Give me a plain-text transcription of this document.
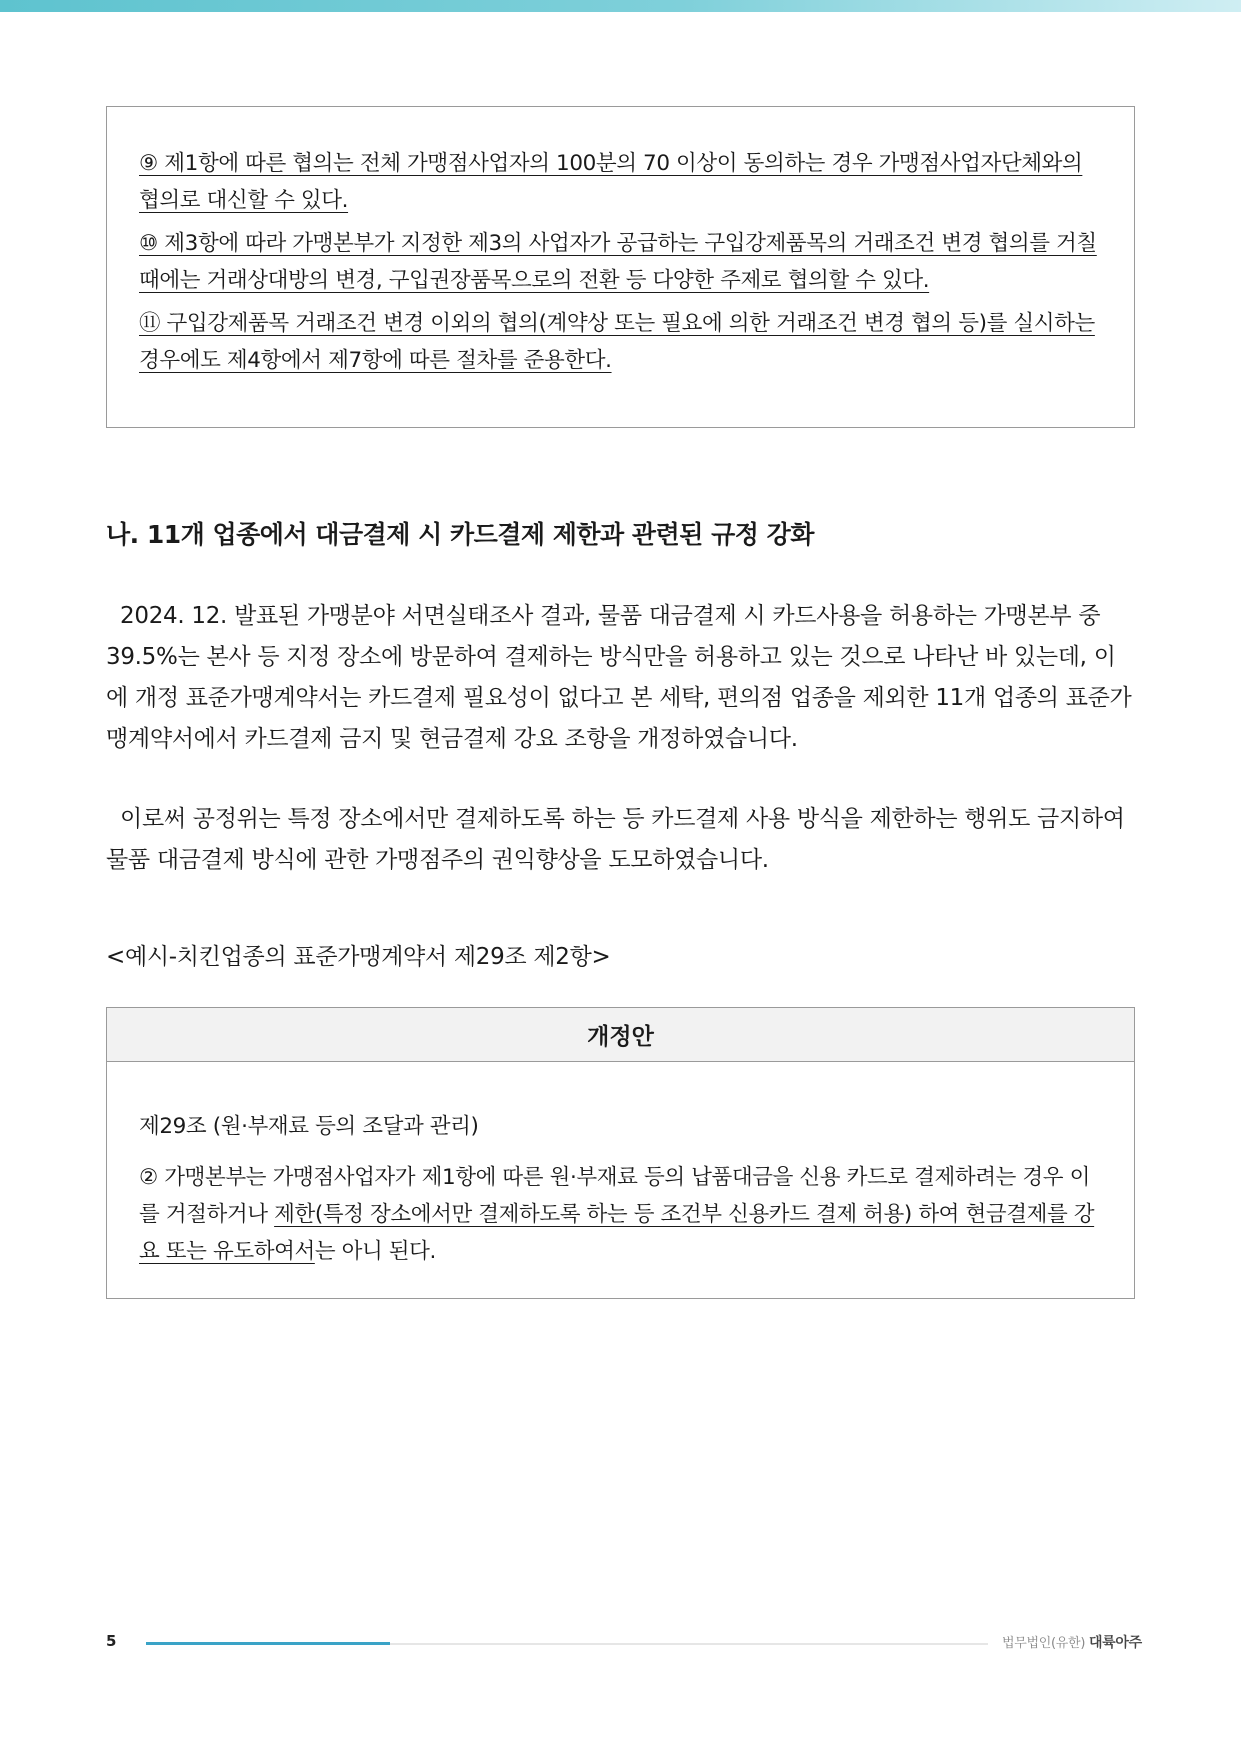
⑨ 제1항에 따른 협의는 전체 가맹점사업자의 100분의 70 이상이 동의하는 경우 가맹점사업자단체와의 협의로 대신할 수 있다.

⑩ 제3항에 따라 가맹본부가 지정한 제3의 사업자가 공급하는 구입강제품목의 거래조건 변경 협의를 거칠 때에는 거래상대방의 변경, 구입권장품목으로의 전환 등 다양한 주제로 협의할 수 있다.

⑪ 구입강제품목 거래조건 변경 이외의 협의(계약상 또는 필요에 의한 거래조건 변경 협의 등)를 실시하는 경우에도 제4항에서 제7항에 따른 절차를 준용한다.

나. 11개 업종에서 대금결제 시 카드결제 제한과 관련된 규정 강화

2024. 12. 발표된 가맹분야 서면실태조사 결과, 물품 대금결제 시 카드사용을 허용하는 가맹본부 중 39.5%는 본사 등 지정 장소에 방문하여 결제하는 방식만을 허용하고 있는 것으로 나타난 바 있는데, 이에 개정 표준가맹계약서는 카드결제 필요성이 없다고 본 세탁, 편의점 업종을 제외한 11개 업종의 표준가맹계약서에서 카드결제 금지 및 현금결제 강요 조항을 개정하였습니다.

이로써 공정위는 특정 장소에서만 결제하도록 하는 등 카드결제 사용 방식을 제한하는 행위도 금지하여 물품 대금결제 방식에 관한 가맹점주의 권익향상을 도모하였습니다.

<예시-치킨업종의 표준가맹계약서 제29조 제2항>
개정안

제29조 (원·부재료 등의 조달과 관리)

② 가맹본부는 가맹점사업자가 제1항에 따른 원·부재료 등의 납품대금을 신용 카드로 결제하려는 경우 이를 거절하거나 제한(특정 장소에서만 결제하도록 하는 등 조건부 신용카드 결제 허용) 하여 현금결제를 강요 또는 유도하여서는 아니 된다.

5	법무법인(유한) 대륙아주
